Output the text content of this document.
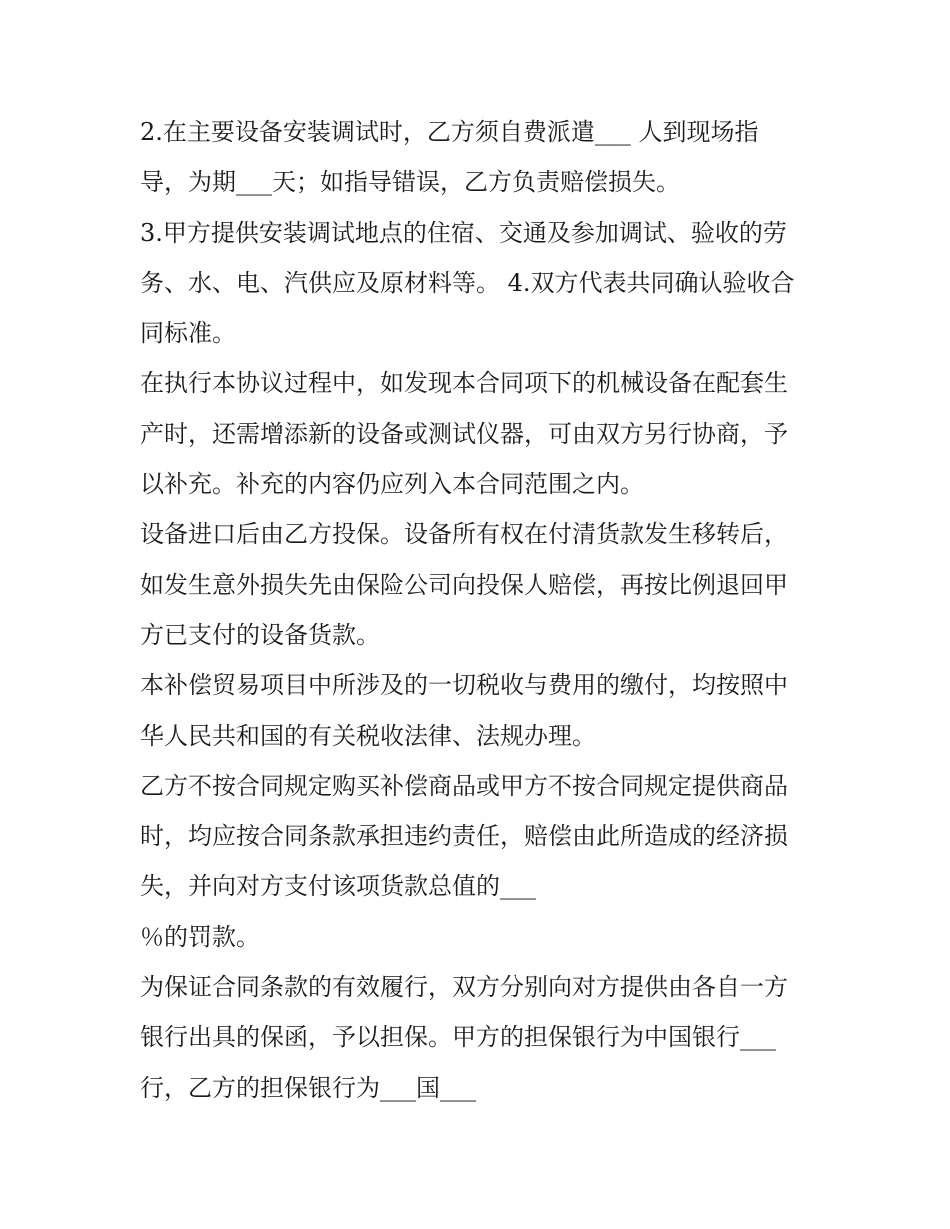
2.在主要设备安装调试时，乙方须自费派遣___ 人到现场指
导，为期___天；如指导错误，乙方负责赔偿损失。

3.甲方提供安装调试地点的住宿、交通及参加调试、验收的劳
务、水、电、汽供应及原材料等。 4.双方代表共同确认验收合
同标准。

在执行本协议过程中，如发现本合同项下的机械设备在配套生
产时，还需增添新的设备或测试仪器，可由双方另行协商，予
以补充。补充的内容仍应列入本合同范围之内。

设备进口后由乙方投保。设备所有权在付清货款发生移转后，
如发生意外损失先由保险公司向投保人赔偿，再按比例退回甲
方已支付的设备货款。

本补偿贸易项目中所涉及的一切税收与费用的缴付，均按照中
华人民共和国的有关税收法律、法规办理。

乙方不按合同规定购买补偿商品或甲方不按合同规定提供商品
时，均应按合同条款承担违约责任，赔偿由此所造成的经济损
失，并向对方支付该项货款总值的___

％的罚款。

为保证合同条款的有效履行，双方分别向对方提供由各自一方
银行出具的保函，予以担保。甲方的担保银行为中国银行___
行，乙方的担保银行为___国___
